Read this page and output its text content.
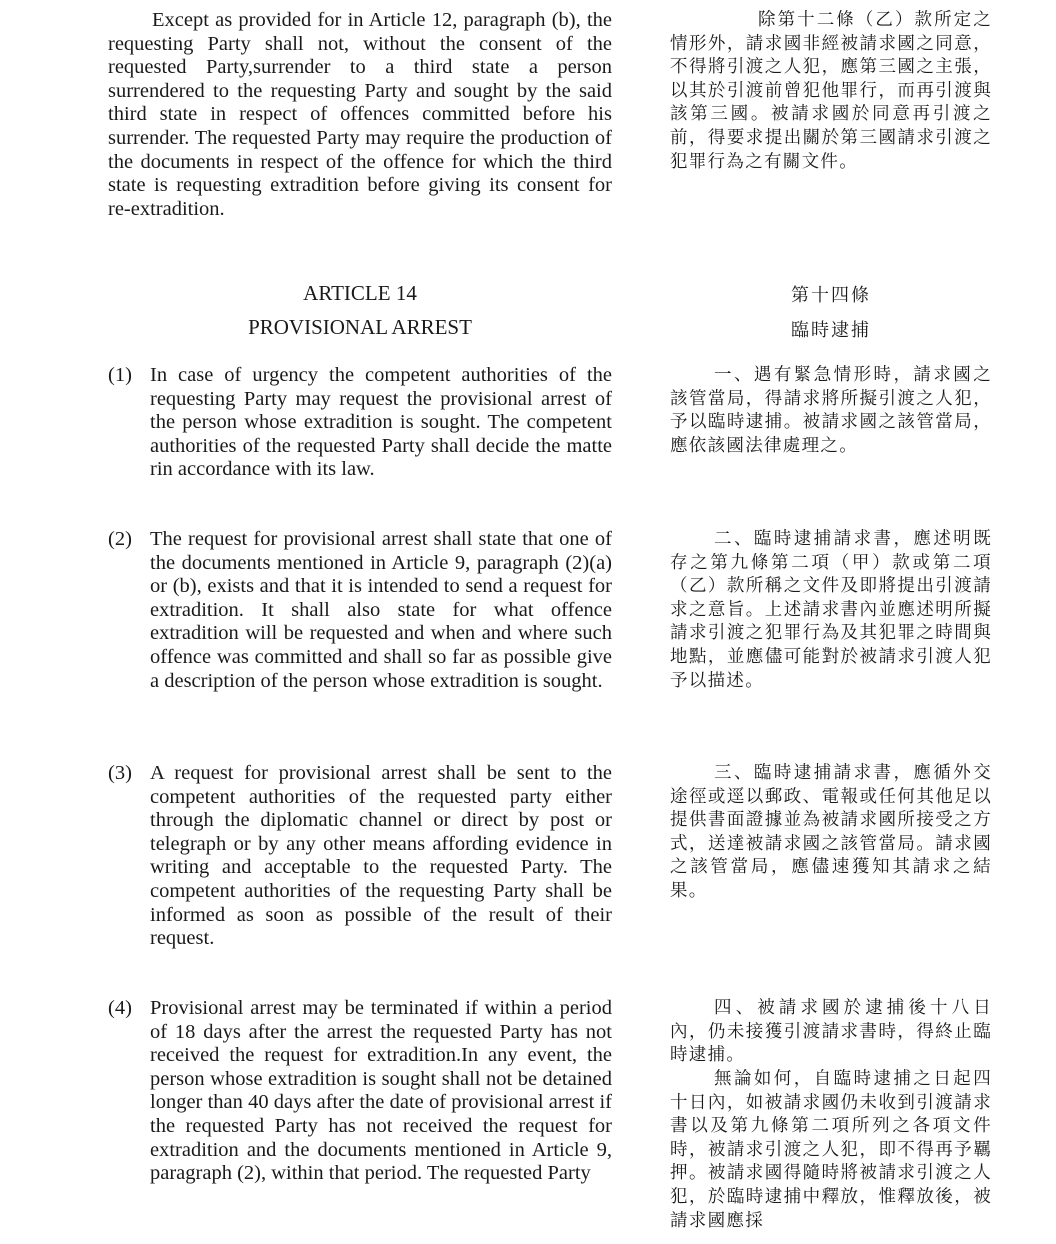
Except as provided for in Article 12, paragraph (b), the requesting Party shall not, without the consent of the requested Party,surrender to a third state a person surrendered to the requesting Party and sought by the said third state in respect of offences committed before his surrender. The requested Party may require the production of the documents in respect of the offence for which the third state is requesting extradition before giving its consent for re-extradition.
除第十二條（乙）款所定之情形外，請求國非經被請求國之同意，不得將引渡之人犯，應第三國之主張，以其於引渡前曾犯他罪行，而再引渡與該第三國。被請求國於同意再引渡之前，得要求提出關於第三國請求引渡之犯罪行為之有關文件。
ARTICLE 14
PROVISIONAL ARREST
第十四條
臨時逮捕
(1) In case of urgency the competent authorities of the requesting Party may request the provisional arrest of the person whose extradition is sought. The competent authorities of the requested Party shall decide the matte rin accordance with its law.
一、遇有緊急情形時，請求國之該管當局，得請求將所擬引渡之人犯，予以臨時逮捕。被請求國之該管當局，應依該國法律處理之。
(2) The request for provisional arrest shall state that one of the documents mentioned in Article 9, paragraph (2)(a) or (b), exists and that it is intended to send a request for extradition. It shall also state for what offence extradition will be requested and when and where such offence was committed and shall so far as possible give a description of the person whose extradition is sought.
二、臨時逮捕請求書，應述明既存之第九條第二項（甲）款或第二項（乙）款所稱之文件及即將提出引渡請求之意旨。上述請求書內並應述明所擬請求引渡之犯罪行為及其犯罪之時間與地點，並應儘可能對於被請求引渡人犯予以描述。
(3) A request for provisional arrest shall be sent to the competent authorities of the requested party either through the diplomatic channel or direct by post or telegraph or by any other means affording evidence in writing and acceptable to the requested Party. The competent authorities of the requesting Party shall be informed as soon as possible of the result of their request.
三、臨時逮捕請求書，應循外交途徑或逕以郵政、電報或任何其他足以提供書面證據並為被請求國所接受之方式，送達被請求國之該管當局。請求國之該管當局，應儘速獲知其請求之結果。
(4) Provisional arrest may be terminated if within a period of 18 days after the arrest the requested Party has not received the request for extradition.In any event, the person whose extradition is sought shall not be detained longer than 40 days after the date of provisional arrest if the requested Party has not received the request for extradition and the documents mentioned in Article 9, paragraph (2), within that period. The requested Party
四、被請求國於逮捕後十八日內，仍未接獲引渡請求書時，得終止臨時逮捕。
無論如何，自臨時逮捕之日起四十日內，如被請求國仍未收到引渡請求書以及第九條第二項所列之各項文件時，被請求引渡之人犯，即不得再予羈押。被請求國得隨時將被請求引渡之人犯，於臨時逮捕中釋放，惟釋放後，被請求國應採
